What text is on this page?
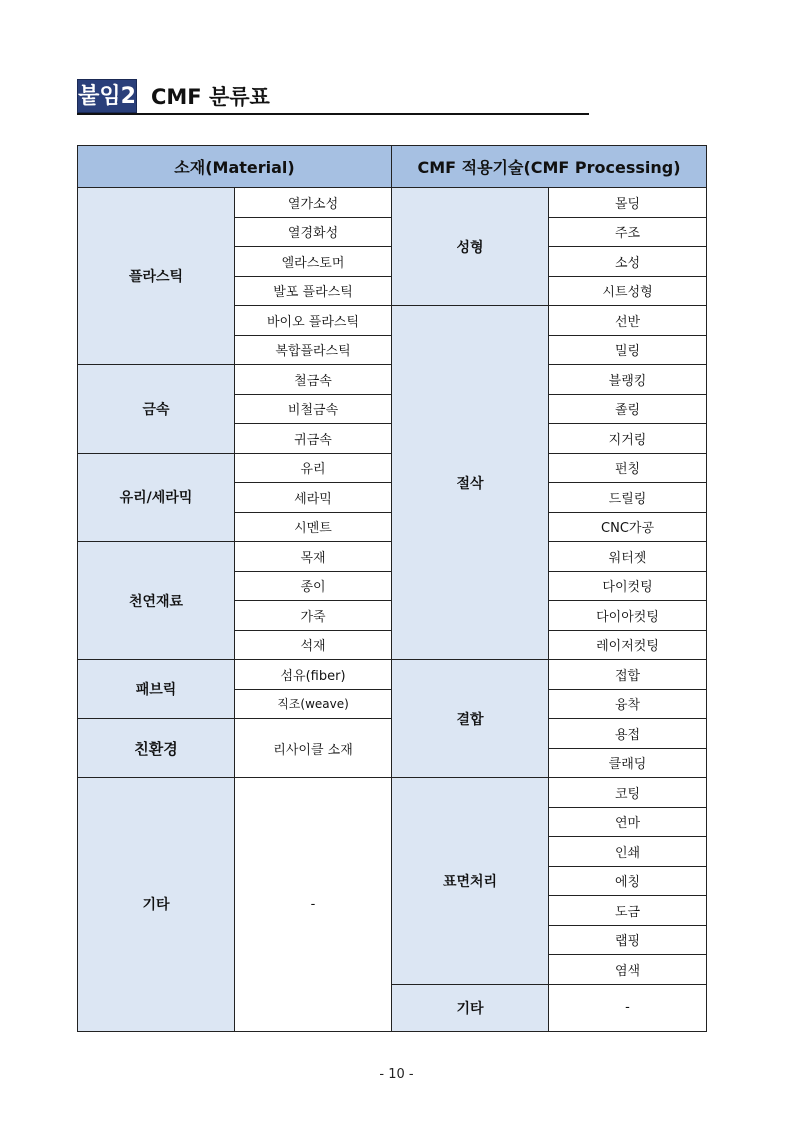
붙임2 CMF 분류표
소재(Material)		CMF 적용기술(CMF Processing)	
플라스틱	열가소성	성형	몰딩
	열경화성		주조
	엘라스토머		소성
	발포 플라스틱		시트성형
	바이오 플라스틱	절삭	선반
	복합플라스틱		밀링
금속	철금속		블랭킹
	비철금속		졸링
	귀금속		지거링
유리/세라믹	유리		펀칭
	세라믹		드릴링
	시멘트		CNC가공
천연재료	목재		워터젯
	종이		다이컷팅
	가죽		다이아컷팅
	석재		레이저컷팅
패브릭	섬유(fiber)	결합	접합
	직조(weave)		융착
친환경	리사이클 소재		용접
			클래딩
기타	-	표면처리	코팅
			연마
			인쇄
			에칭
			도금
			랩핑
			염색
		기타	-
- 10 -
